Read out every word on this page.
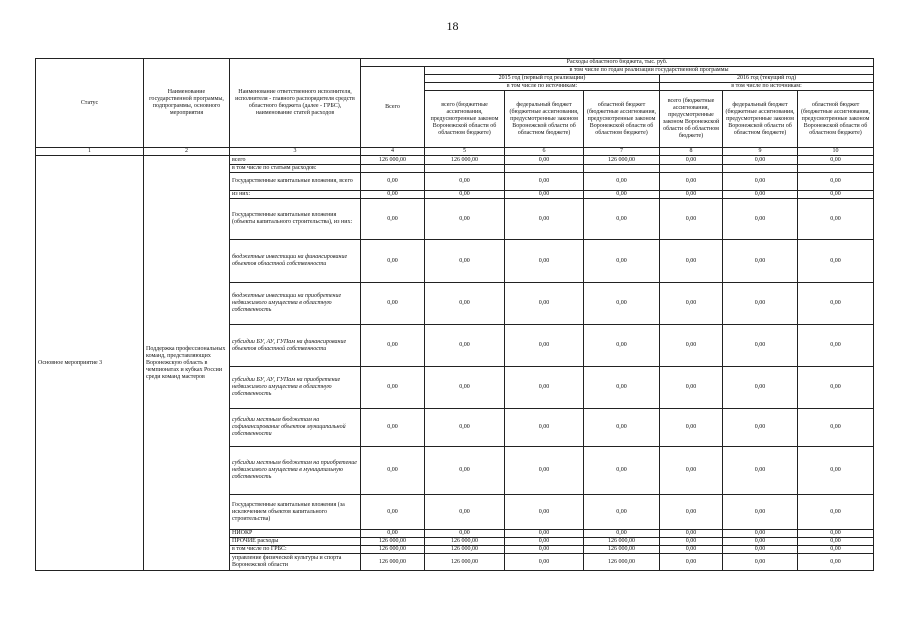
18
Статус	Наименование государственной программы, подпрограммы, основного мероприятия	Наименование ответственного исполнителя, исполнителя - главного распорядителя средств областного бюджета (далее - ГРБС), наименование статей расходов	Расходы областного бюджета, тыс. руб.						
			Всего	в том числе по годам реализации государственной программы					
				2015 год (первый год реализации)			2016 год (текущий год)		
				в том числе по источникам:			в том числе по источникам:		
				всего (бюджетные ассигнования, предусмотренные законом Воронежской области об областном бюджете)	федеральный бюджет (бюджетные ассигнования, предусмотренные законом Воронежской области об областном бюджете)	областной бюджет (бюджетные ассигнования, предусмотренные законом Воронежской области об областном бюджете)	всего (бюджетные ассигнования, предусмотренные законом Воронежской области об областном бюджете)	федеральный бюджет (бюджетные ассигнования, предусмотренные законом Воронежской области об областном бюджете)	областной бюджет (бюджетные ассигнования, предусмотренные законом Воронежской области об областном бюджете)
1	2	3	4	5	6	7	8	9	10
Основное мероприятие 3	Поддержка профессиональных команд, представляющих Воронежскую область в чемпионатах и кубках России среди команд мастеров	всего	126 000,00	126 000,00	0,00	126 000,00	0,00	0,00	0,00
		в том числе по статьям расходов:							
		Государственные капитальные вложения, всего	0,00	0,00	0,00	0,00	0,00	0,00	0,00
		из них:	0,00	0,00	0,00	0,00	0,00	0,00	0,00
		Государственные капитальные вложения (объекты капитального строительства), из них:	0,00	0,00	0,00	0,00	0,00	0,00	0,00
		бюджетные инвестиции на финансирование объектов областной собственности	0,00	0,00	0,00	0,00	0,00	0,00	0,00
		бюджетные инвестиции на приобретение недвижимого имущества в областную собственность	0,00	0,00	0,00	0,00	0,00	0,00	0,00
		субсидии БУ, АУ, ГУПам на финансирование объектов областной собственности	0,00	0,00	0,00	0,00	0,00	0,00	0,00
		субсидии БУ, АУ, ГУПам на приобретение недвижимого имущества в областную собственность	0,00	0,00	0,00	0,00	0,00	0,00	0,00
		субсидии местным бюджетам на софинансирование объектов муниципальной собственности	0,00	0,00	0,00	0,00	0,00	0,00	0,00
		субсидии местным бюджетам на приобретение недвижимого имущества в муниципальную собственность	0,00	0,00	0,00	0,00	0,00	0,00	0,00
		Государственные капитальные вложения (за исключением объектов капитального строительства)	0,00	0,00	0,00	0,00	0,00	0,00	0,00
		НИОКР	0,00	0,00	0,00	0,00	0,00	0,00	0,00
		ПРОЧИЕ расходы	126 000,00	126 000,00	0,00	126 000,00	0,00	0,00	0,00
		в том числе по ГРБС:	126 000,00	126 000,00	0,00	126 000,00	0,00	0,00	0,00
		управление физической культуры и спорта Воронежской области	126 000,00	126 000,00	0,00	126 000,00	0,00	0,00	0,00
